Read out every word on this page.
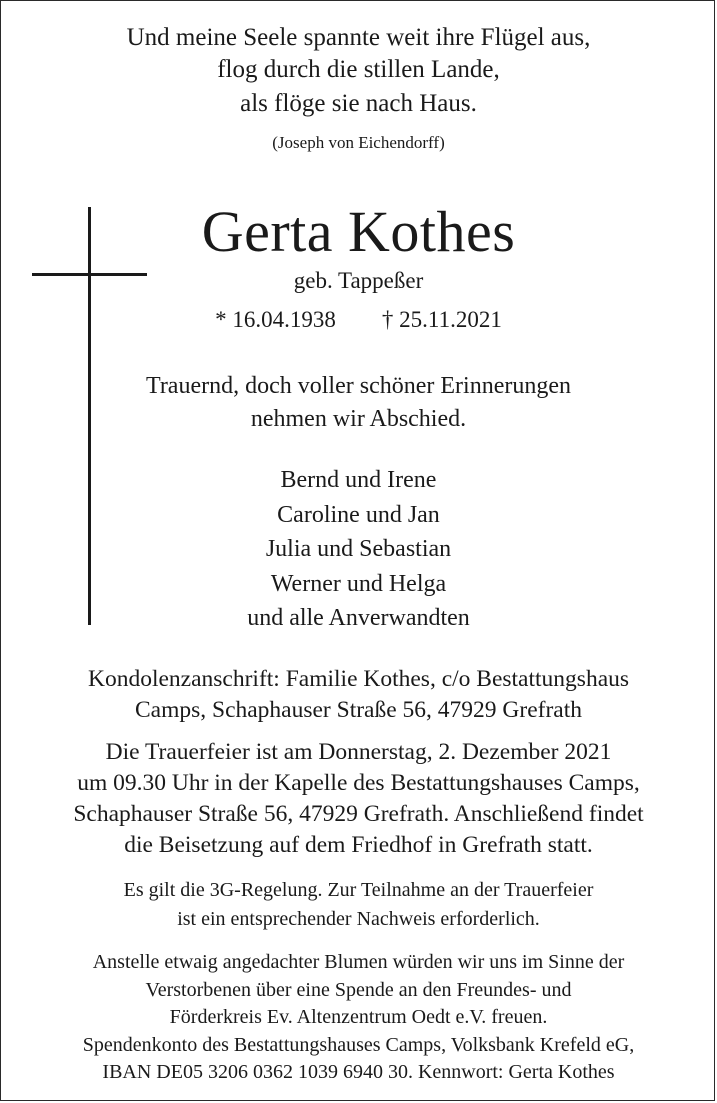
Und meine Seele spannte weit ihre Flügel aus,
flog durch die stillen Lande,
als flöge sie nach Haus.
(Joseph von Eichendorff)
Gerta Kothes
geb. Tappeßer
* 16.04.1938 † 25.11.2021
Trauernd, doch voller schöner Erinnerungen
nehmen wir Abschied.
Bernd und Irene
Caroline und Jan
Julia und Sebastian
Werner und Helga
und alle Anverwandten
Kondolenzanschrift: Familie Kothes, c/o Bestattungshaus
Camps, Schaphauser Straße 56, 47929 Grefrath
Die Trauerfeier ist am Donnerstag, 2. Dezember 2021
um 09.30 Uhr in der Kapelle des Bestattungshauses Camps,
Schaphauser Straße 56, 47929 Grefrath. Anschließend findet
die Beisetzung auf dem Friedhof in Grefrath statt.
Es gilt die 3G-Regelung. Zur Teilnahme an der Trauerfeier
ist ein entsprechender Nachweis erforderlich.
Anstelle etwaig angedachter Blumen würden wir uns im Sinne der
Verstorbenen über eine Spende an den Freundes- und
Förderkreis Ev. Altenzentrum Oedt e.V. freuen.
Spendenkonto des Bestattungshauses Camps, Volksbank Krefeld eG,
IBAN DE05 3206 0362 1039 6940 30. Kennwort: Gerta Kothes
